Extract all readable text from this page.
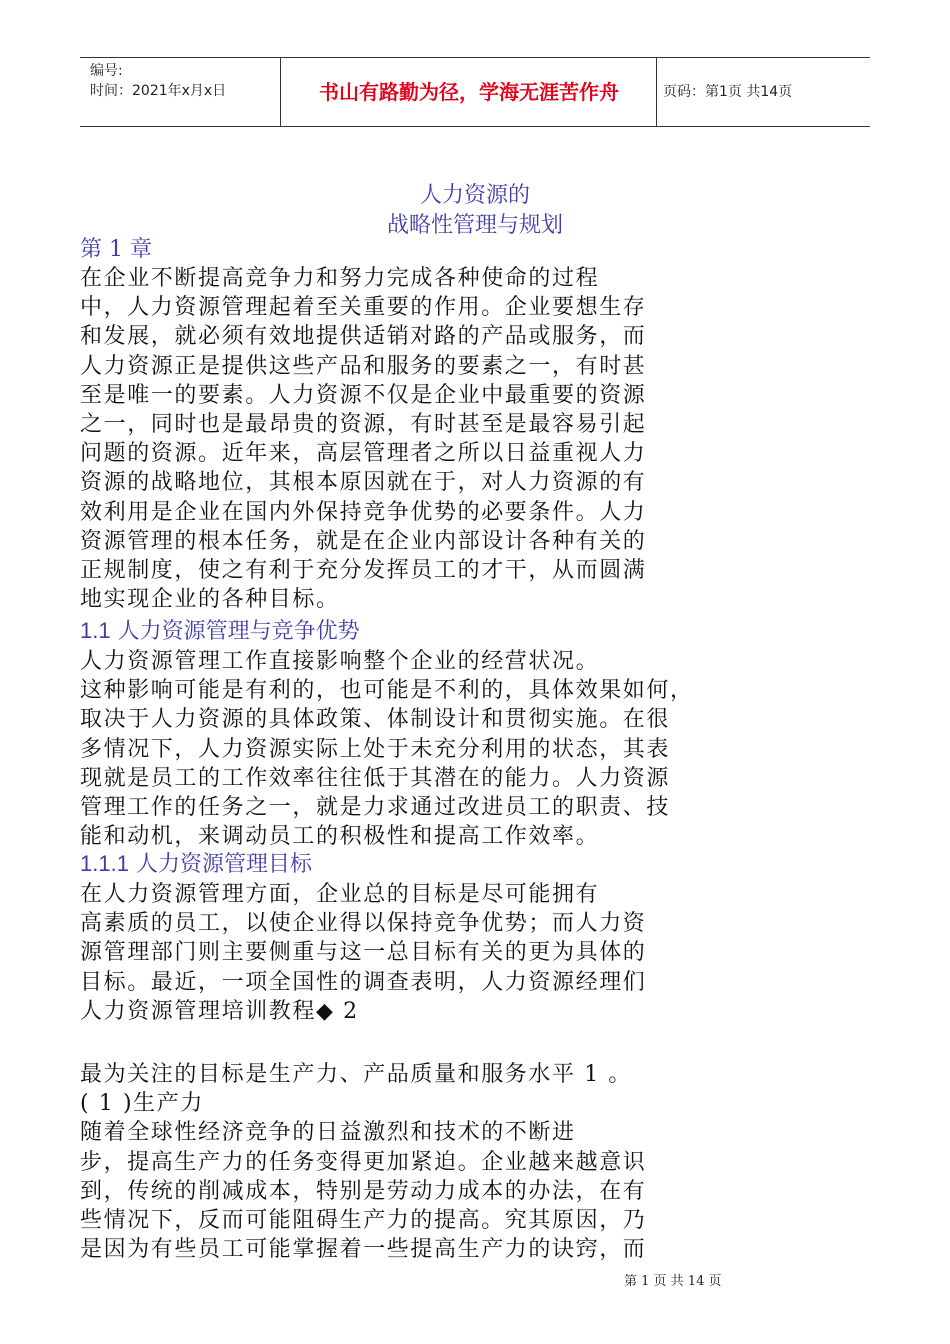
编号:
时间：2021年x月x日	书山有路勤为径，学海无涯苦作舟	页码：第1页 共14页
人力资源的
战略性管理与规划
第 1 章
在企业不断提高竞争力和努力完成各种使命的过程
中，人力资源管理起着至关重要的作用。企业要想生存
和发展，就必须有效地提供适销对路的产品或服务，而
人力资源正是提供这些产品和服务的要素之一，有时甚
至是唯一的要素。人力资源不仅是企业中最重要的资源
之一，同时也是最昂贵的资源，有时甚至是最容易引起
问题的资源。近年来，高层管理者之所以日益重视人力
资源的战略地位，其根本原因就在于，对人力资源的有
效利用是企业在国内外保持竞争优势的必要条件。人力
资源管理的根本任务，就是在企业内部设计各种有关的
正规制度，使之有利于充分发挥员工的才干，从而圆满
地实现企业的各种目标。
1.1 人力资源管理与竞争优势
人力资源管理工作直接影响整个企业的经营状况。
这种影响可能是有利的，也可能是不利的，具体效果如何，
取决于人力资源的具体政策、体制设计和贯彻实施。在很
多情况下，人力资源实际上处于未充分利用的状态，其表
现就是员工的工作效率往往低于其潜在的能力。人力资源
管理工作的任务之一，就是力求通过改进员工的职责、技
能和动机，来调动员工的积极性和提高工作效率。
1.1.1 人力资源管理目标
在人力资源管理方面，企业总的目标是尽可能拥有
高素质的员工，以使企业得以保持竞争优势；而人力资
源管理部门则主要侧重与这一总目标有关的更为具体的
目标。最近，一项全国性的调查表明，人力资源经理们
人力资源管理培训教程◆ 2
最为关注的目标是生产力、产品质量和服务水平 1 。
( 1 )生产力
随着全球性经济竞争的日益激烈和技术的不断进
步，提高生产力的任务变得更加紧迫。企业越来越意识
到，传统的削减成本，特别是劳动力成本的办法，在有
些情况下，反而可能阻碍生产力的提高。究其原因，乃
是因为有些员工可能掌握着一些提高生产力的诀窍，而
第 1 页 共 14 页
